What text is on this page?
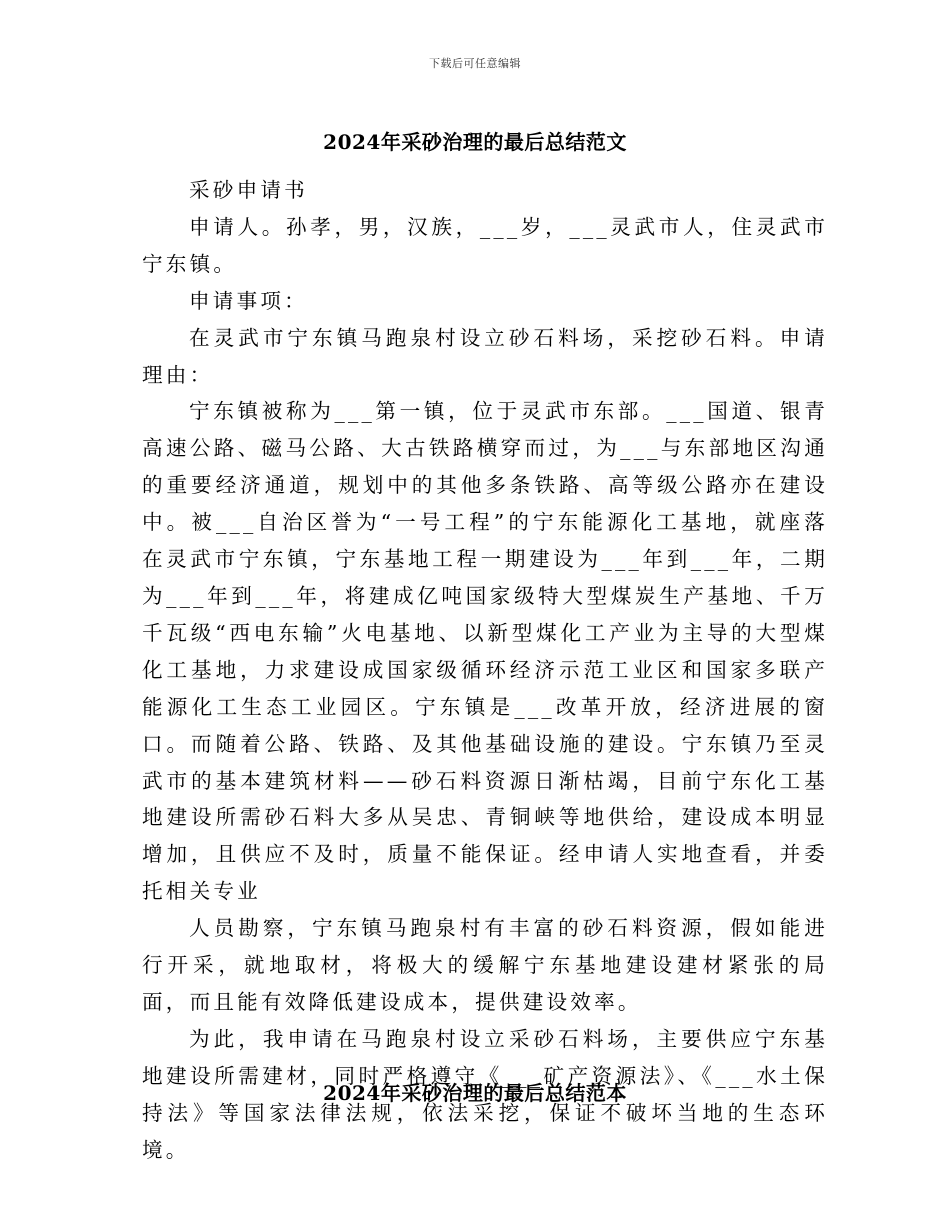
下载后可任意编辑
2024年采砂治理的最后总结范文

采砂申请书

申请人。孙孝，男，汉族，___岁，___灵武市人，住灵武市宁东镇。

申请事项：

在灵武市宁东镇马跑泉村设立砂石料场，采挖砂石料。申请理由：

宁东镇被称为___第一镇，位于灵武市东部。___国道、银青高速公路、磁马公路、大古铁路横穿而过，为___与东部地区沟通的重要经济通道，规划中的其他多条铁路、高等级公路亦在建设中。被___自治区誉为“一号工程”的宁东能源化工基地，就座落在灵武市宁东镇，宁东基地工程一期建设为___年到___年，二期为___年到___年，将建成亿吨国家级特大型煤炭生产基地、千万千瓦级“西电东输”火电基地、以新型煤化工产业为主导的大型煤化工基地，力求建设成国家级循环经济示范工业区和国家多联产能源化工生态工业园区。宁东镇是___改革开放，经济进展的窗口。而随着公路、铁路、及其他基础设施的建设。宁东镇乃至灵武市的基本建筑材料——砂石料资源日渐枯竭，目前宁东化工基地建设所需砂石料大多从吴忠、青铜峡等地供给，建设成本明显增加，且供应不及时，质量不能保证。经申请人实地查看，并委托相关专业

人员勘察，宁东镇马跑泉村有丰富的砂石料资源，假如能进行开采，就地取材，将极大的缓解宁东基地建设建材紧张的局面，而且能有效降低建设成本，提供建设效率。

为此，我申请在马跑泉村设立采砂石料场，主要供应宁东基地建设所需建材，同时严格遵守《___矿产资源法》、《___水土保持法》等国家法律法规，依法采挖，保证不破坏当地的生态环境。

2024年采砂治理的最后总结范本
